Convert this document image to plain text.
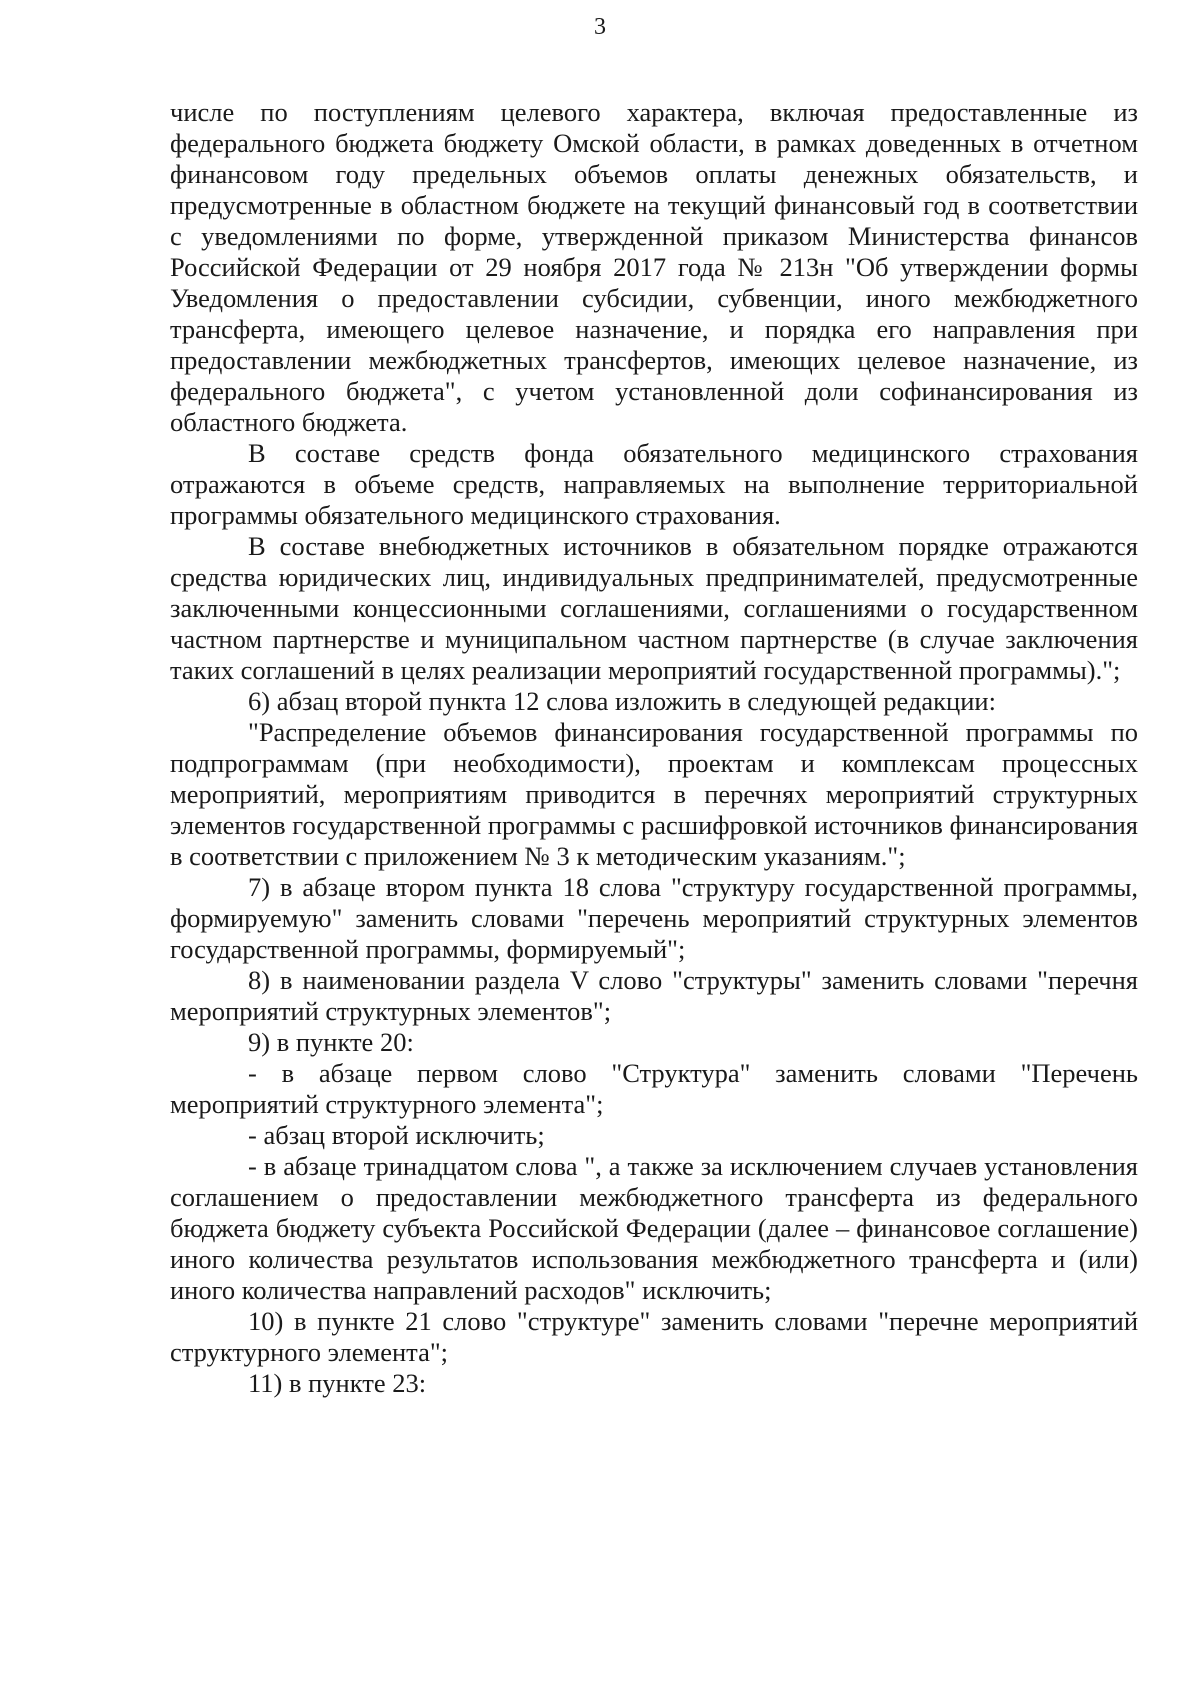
3

числе по поступлениям целевого характера, включая предоставленные из федерального бюджета бюджету Омской области, в рамках доведенных в отчетном финансовом году предельных объемов оплаты денежных обязательств, и предусмотренные в областном бюджете на текущий финансовый год в соответствии с уведомлениями по форме, утвержденной приказом Министерства финансов Российской Федерации от 29 ноября 2017 года № 213н "Об утверждении формы Уведомления о предоставлении субсидии, субвенции, иного межбюджетного трансферта, имеющего целевое назначение, и порядка его направления при предоставлении межбюджетных трансфертов, имеющих целевое назначение, из федерального бюджета", с учетом установленной доли софинансирования из областного бюджета.

В составе средств фонда обязательного медицинского страхования отражаются в объеме средств, направляемых на выполнение территориальной программы обязательного медицинского страхования.

В составе внебюджетных источников в обязательном порядке отражаются средства юридических лиц, индивидуальных предпринимателей, предусмотренные заключенными концессионными соглашениями, соглашениями о государственном частном партнерстве и муниципальном частном партнерстве (в случае заключения таких соглашений в целях реализации мероприятий государственной программы).";

6) абзац второй пункта 12 слова изложить в следующей редакции:

"Распределение объемов финансирования государственной программы по подпрограммам (при необходимости), проектам и комплексам процессных мероприятий, мероприятиям приводится в перечнях мероприятий структурных элементов государственной программы с расшифровкой источников финансирования в соответствии с приложением № 3 к методическим указаниям.";

7) в абзаце втором пункта 18 слова "структуру государственной программы, формируемую" заменить словами "перечень мероприятий структурных элементов государственной программы, формируемый";

8) в наименовании раздела V слово "структуры" заменить словами "перечня мероприятий структурных элементов";

9) в пункте 20:

- в абзаце первом слово "Структура" заменить словами "Перечень мероприятий структурного элемента";

- абзац второй исключить;

- в абзаце тринадцатом слова ", а также за исключением случаев установления соглашением о предоставлении межбюджетного трансферта из федерального бюджета бюджету субъекта Российской Федерации (далее – финансовое соглашение) иного количества результатов использования межбюджетного трансферта и (или) иного количества направлений расходов" исключить;

10) в пункте 21 слово "структуре" заменить словами "перечне мероприятий структурного элемента";

11) в пункте 23:
